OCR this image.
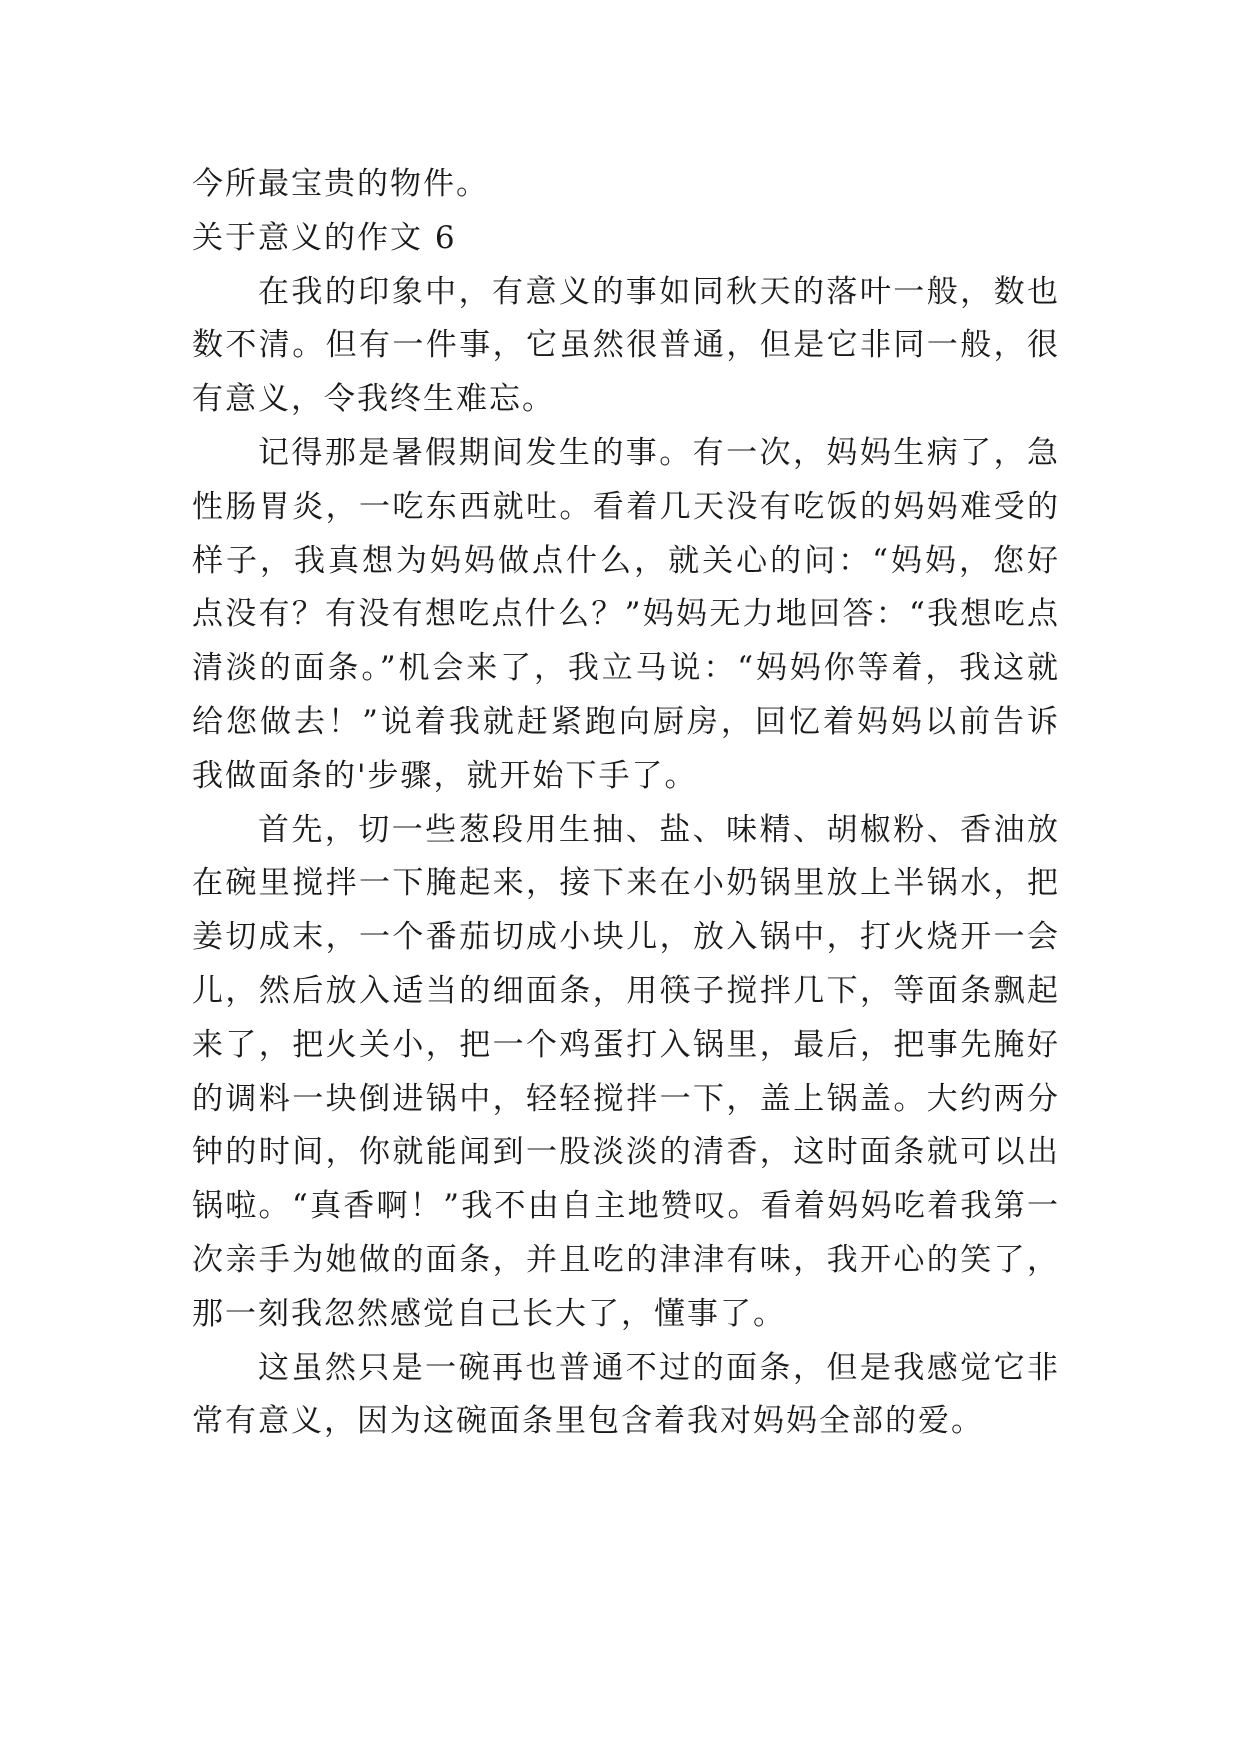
今所最宝贵的物件。

关于意义的作文 6

在我的印象中，有意义的事如同秋天的落叶一般，数也数不清。但有一件事，它虽然很普通，但是它非同一般，很有意义，令我终生难忘。

记得那是暑假期间发生的事。有一次，妈妈生病了，急性肠胃炎，一吃东西就吐。看着几天没有吃饭的妈妈难受的样子，我真想为妈妈做点什么，就关心的问：“妈妈，您好点没有？有没有想吃点什么？”妈妈无力地回答：“我想吃点清淡的面条。”机会来了，我立马说：“妈妈你等着，我这就给您做去！”说着我就赶紧跑向厨房，回忆着妈妈以前告诉我做面条的'步骤，就开始下手了。

首先，切一些葱段用生抽、盐、味精、胡椒粉、香油放在碗里搅拌一下腌起来，接下来在小奶锅里放上半锅水，把姜切成末，一个番茄切成小块儿，放入锅中，打火烧开一会儿，然后放入适当的细面条，用筷子搅拌几下，等面条飘起来了，把火关小，把一个鸡蛋打入锅里，最后，把事先腌好的调料一块倒进锅中，轻轻搅拌一下，盖上锅盖。大约两分钟的时间，你就能闻到一股淡淡的清香，这时面条就可以出锅啦。“真香啊！”我不由自主地赞叹。看着妈妈吃着我第一次亲手为她做的面条，并且吃的津津有味，我开心的笑了，那一刻我忽然感觉自己长大了，懂事了。

这虽然只是一碗再也普通不过的面条，但是我感觉它非常有意义，因为这碗面条里包含着我对妈妈全部的爱。
